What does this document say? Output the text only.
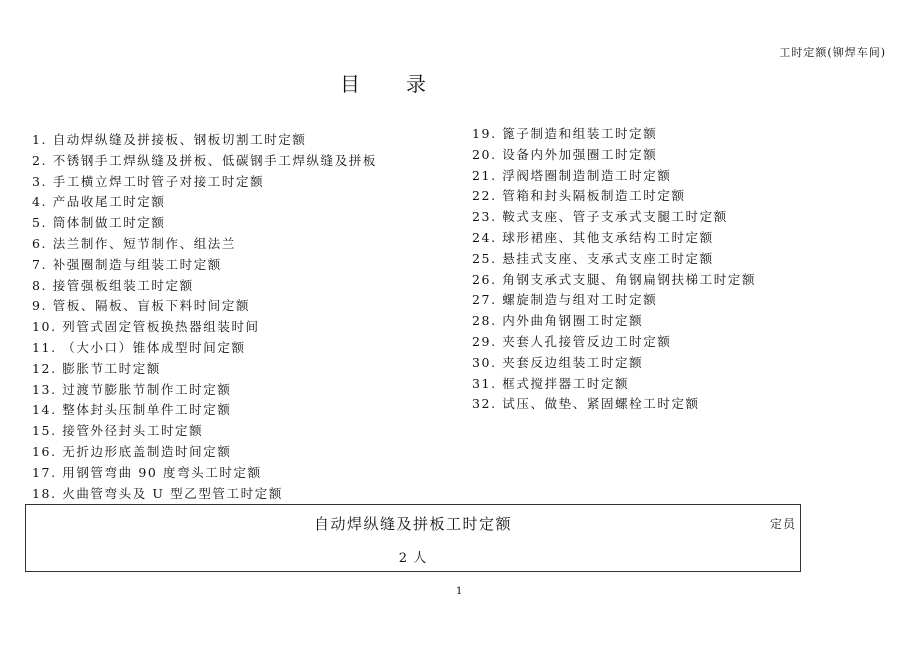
工时定额(铆焊车间)
目录
1. 自动焊纵缝及拼接板、钢板切割工时定额
2. 不锈钢手工焊纵缝及拼板、低碳钢手工焊纵缝及拼板
3. 手工横立焊工时管子对接工时定额
4. 产品收尾工时定额
5. 筒体制做工时定额
6. 法兰制作、短节制作、组法兰
7. 补强圈制造与组装工时定额
8. 接管强板组装工时定额
9. 管板、隔板、盲板下料时间定额
10. 列管式固定管板换热器组装时间
11. （大小口）锥体成型时间定额
12. 膨胀节工时定额
13. 过渡节膨胀节制作工时定额
14. 整体封头压制单件工时定额
15. 接管外径封头工时定额
16. 无折边形底盖制造时间定额
17. 用钢管弯曲 90 度弯头工时定额
18. 火曲管弯头及 U 型乙型管工时定额
19. 篦子制造和组装工时定额
20. 设备内外加强圈工时定额
21. 浮阀塔圈制造制造工时定额
22. 管箱和封头隔板制造工时定额
23. 鞍式支座、管子支承式支腿工时定额
24. 球形裙座、其他支承结构工时定额
25. 悬挂式支座、支承式支座工时定额
26. 角钢支承式支腿、角钢扁钢扶梯工时定额
27. 螺旋制造与组对工时定额
28. 内外曲角钢圈工时定额
29. 夹套人孔接管反边工时定额
30. 夹套反边组装工时定额
31. 框式搅拌器工时定额
32. 试压、做垫、紧固螺栓工时定额
自动焊纵缝及拼板工时定额	定员
2 人
1
